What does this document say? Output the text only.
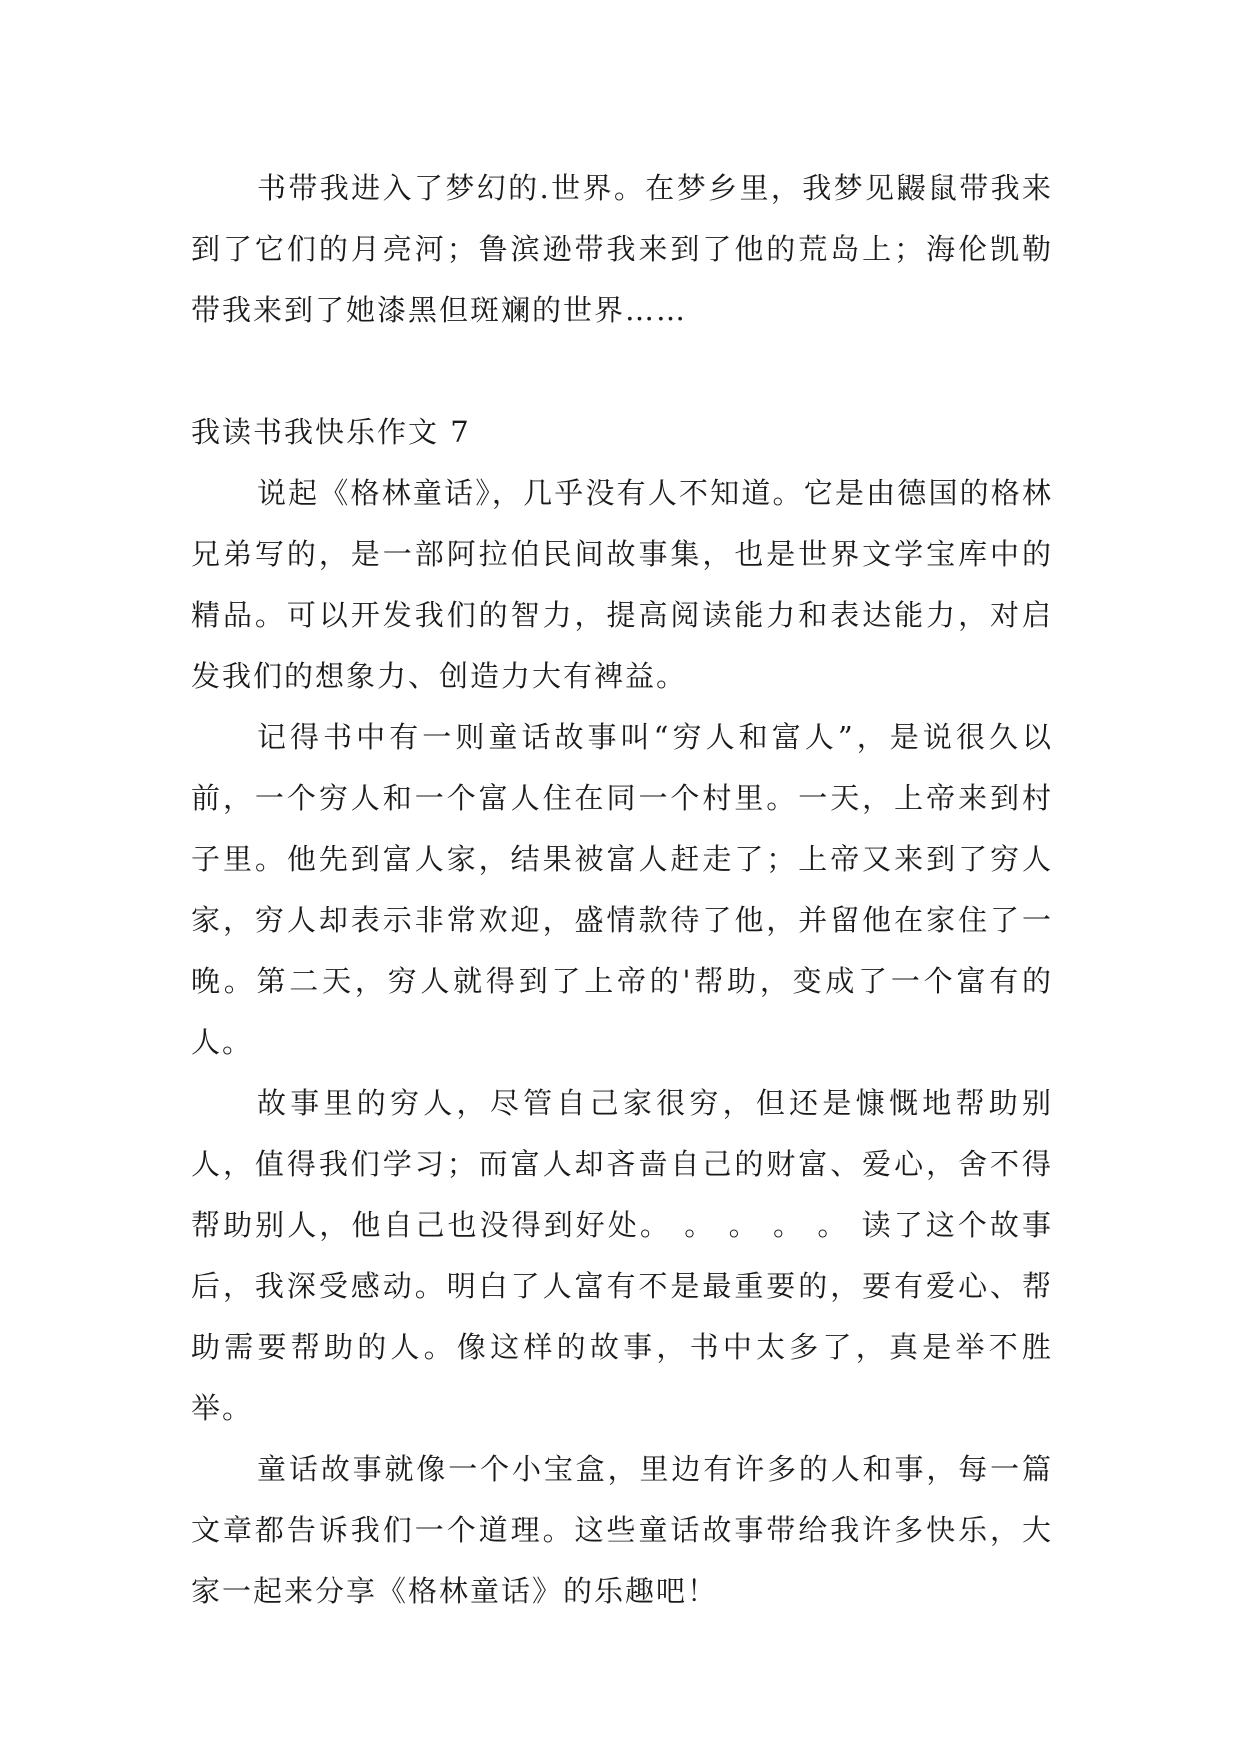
书带我进入了梦幻的.世界。在梦乡里，我梦见鼹鼠带我来到了它们的月亮河；鲁滨逊带我来到了他的荒岛上；海伦凯勒带我来到了她漆黑但斑斓的世界……

我读书我快乐作文 7

说起《格林童话》，几乎没有人不知道。它是由德国的格林兄弟写的，是一部阿拉伯民间故事集，也是世界文学宝库中的精品。可以开发我们的智力，提高阅读能力和表达能力，对启发我们的想象力、创造力大有裨益。

记得书中有一则童话故事叫“穷人和富人”，是说很久以前，一个穷人和一个富人住在同一个村里。一天，上帝来到村子里。他先到富人家，结果被富人赶走了；上帝又来到了穷人家，穷人却表示非常欢迎，盛情款待了他，并留他在家住了一晚。第二天，穷人就得到了上帝的'帮助，变成了一个富有的人。

故事里的穷人，尽管自己家很穷，但还是慷慨地帮助别人，值得我们学习；而富人却吝啬自己的财富、爱心，舍不得帮助别人，他自己也没得到好处。 。 。 。 。 读了这个故事后，我深受感动。明白了人富有不是最重要的，要有爱心、帮助需要帮助的人。像这样的故事，书中太多了，真是举不胜举。

童话故事就像一个小宝盒，里边有许多的人和事，每一篇文章都告诉我们一个道理。这些童话故事带给我许多快乐，大家一起来分享《格林童话》的乐趣吧！
